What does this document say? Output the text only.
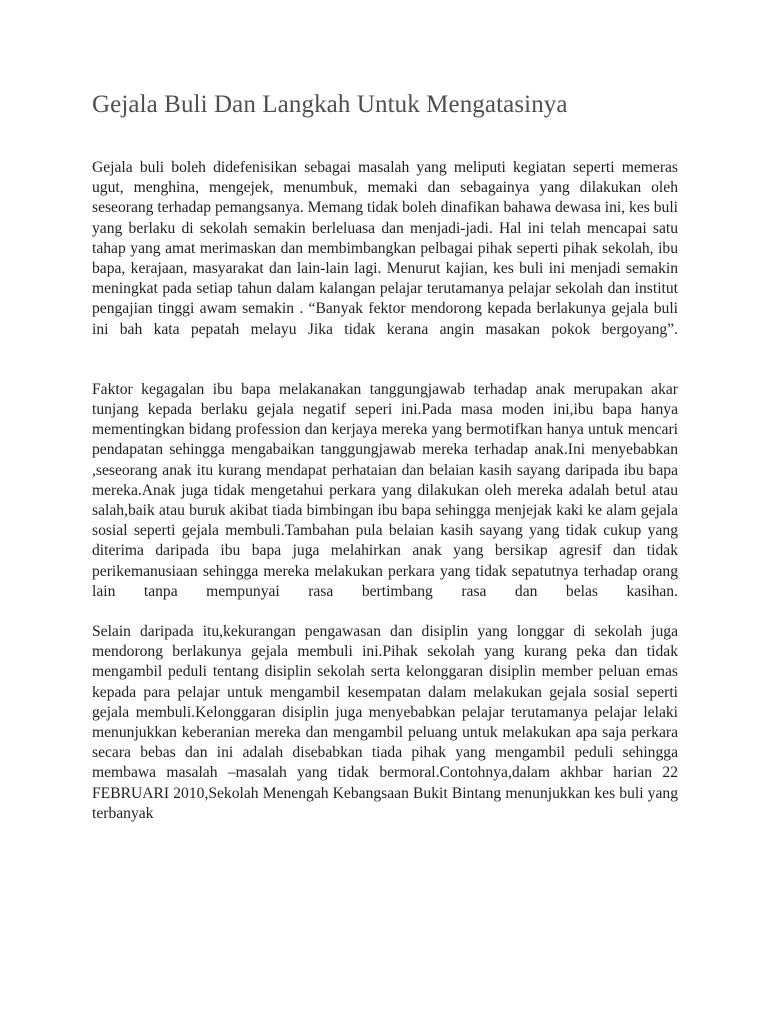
Gejala Buli Dan Langkah Untuk Mengatasinya

Gejala buli boleh didefenisikan sebagai masalah yang meliputi kegiatan seperti memeras ugut, menghina, mengejek, menumbuk, memaki dan sebagainya yang dilakukan oleh seseorang terhadap pemangsanya. Memang tidak boleh dinafikan bahawa dewasa ini, kes buli yang berlaku di sekolah semakin berleluasa dan menjadi-jadi. Hal ini telah mencapai satu tahap yang amat merimaskan dan membimbangkan pelbagai pihak seperti pihak sekolah, ibu bapa, kerajaan, masyarakat dan lain-lain lagi. Menurut kajian, kes buli ini menjadi semakin meningkat pada setiap tahun dalam kalangan pelajar terutamanya pelajar sekolah dan institut pengajian tinggi awam semakin . “Banyak fektor mendorong kepada berlakunya gejala buli ini bah kata pepatah melayu Jika tidak kerana angin masakan pokok bergoyang”.

Faktor kegagalan ibu bapa melakanakan tanggungjawab terhadap anak merupakan akar tunjang kepada berlaku gejala negatif seperi ini.Pada masa moden ini,ibu bapa hanya mementingkan bidang profession dan kerjaya mereka yang bermotifkan hanya untuk mencari pendapatan sehingga mengabaikan tanggungjawab mereka terhadap anak.Ini menyebabkan ,seseorang anak itu kurang mendapat perhataian dan belaian kasih sayang daripada ibu bapa mereka.Anak juga tidak mengetahui perkara yang dilakukan oleh mereka adalah betul atau salah,baik atau buruk akibat tiada bimbingan ibu bapa sehingga menjejak kaki ke alam gejala sosial seperti gejala membuli.Tambahan pula belaian kasih sayang yang tidak cukup yang diterima daripada ibu bapa juga melahirkan anak yang bersikap agresif dan tidak perikemanusiaan sehingga mereka melakukan perkara yang tidak sepatutnya terhadap orang lain tanpa mempunyai rasa bertimbang rasa dan belas kasihan.

Selain daripada itu,kekurangan pengawasan dan disiplin yang longgar di sekolah juga mendorong berlakunya gejala membuli ini.Pihak sekolah yang kurang peka dan tidak mengambil peduli tentang disiplin sekolah serta kelonggaran disiplin member peluan emas kepada para pelajar untuk mengambil kesempatan dalam melakukan gejala sosial seperti gejala membuli.Kelonggaran disiplin juga menyebabkan pelajar terutamanya pelajar lelaki menunjukkan keberanian mereka dan mengambil peluang untuk melakukan apa saja perkara secara bebas dan ini adalah disebabkan tiada pihak yang mengambil peduli sehingga membawa masalah –masalah yang tidak bermoral.Contohnya,dalam akhbar harian 22 FEBRUARI 2010,Sekolah Menengah Kebangsaan Bukit Bintang menunjukkan kes buli yang terbanyak
